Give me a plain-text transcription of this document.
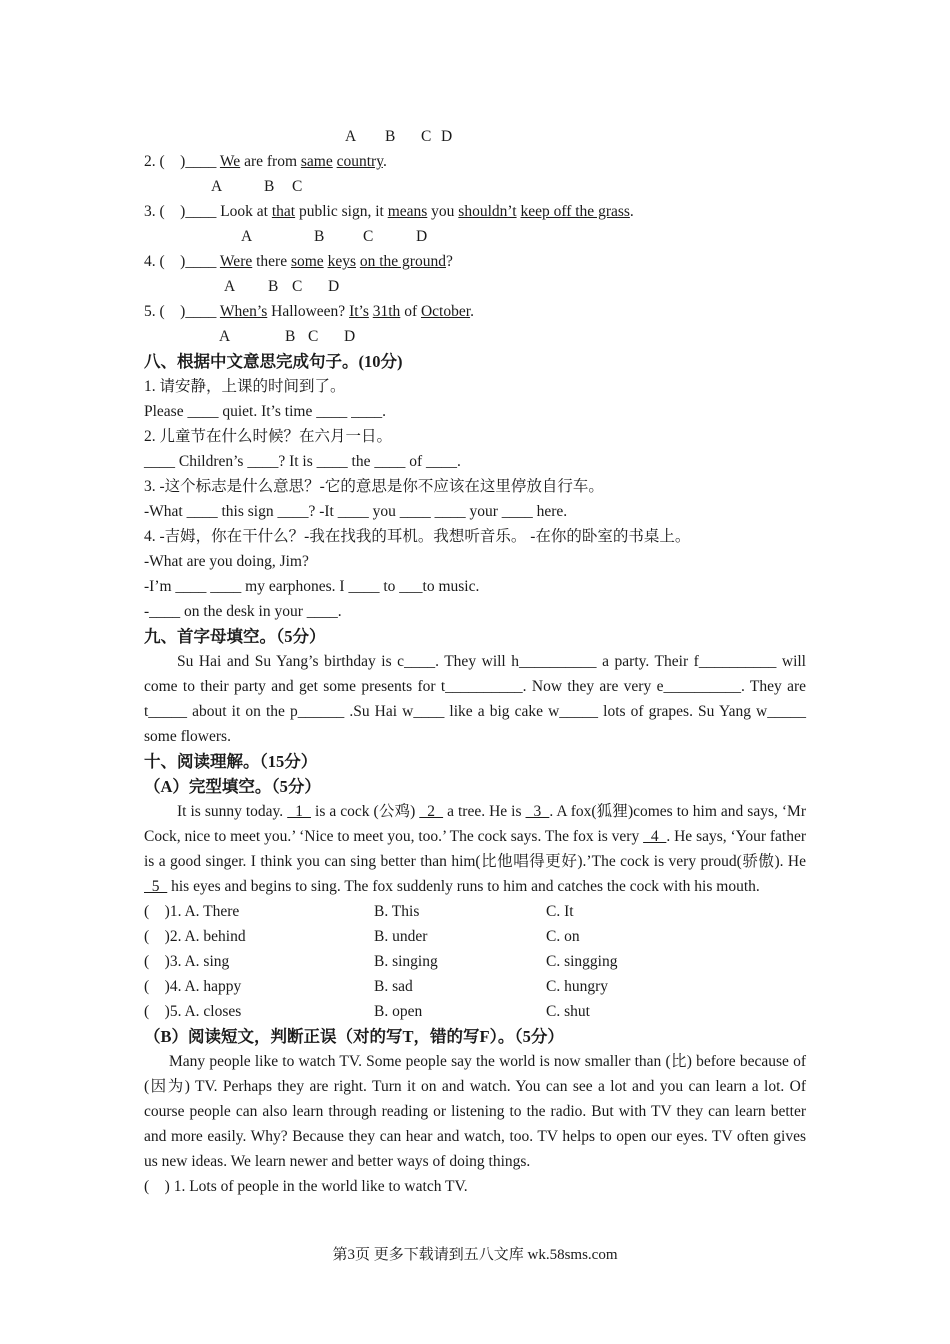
A B C D
2. (    )____ We are from same country.
A	B C
3. (    )____ Look at that public sign, it means you shouldn’t keep off the grass.
A	B C	D
4. (    )____ Were there some keys on the ground?
A B C D
5. (    )____ When’s Halloween? It’s 31th of October.
A	B C D
八、根据中文意思完成句子。(10分)
1. 请安静，上课的时间到了。
Please ____ quiet. It’s time ____ ____.
2. 儿童节在什么时候？在六月一日。
____ Children’s ____? It is ____ the ____ of ____.
3. -这个标志是什么意思？-它的意思是你不应该在这里停放自行车。
-What ____ this sign ____? -It ____ you ____ ____ your ____ here.
4. -吉姆，你在干什么？-我在找我的耳机。我想听音乐。 -在你的卧室的书桌上。
-What are you doing, Jim?
-I’m ____ ____ my earphones. I ____ to ___to music.
-____ on the desk in your ____.
九、首字母填空。（5分）
Su Hai and Su Yang’s birthday is c____. They will h__________ a party. Their f__________ will come to their party and get some presents for t__________. Now they are very e__________. They are t_____ about it on the p______ .Su Hai w____ like a big cake w_____ lots of grapes. Su Yang w_____ some flowers.
十、阅读理解。（15分）
（A）完型填空。（5分）
It is sunny today.   1   is a cock (公鸡)   2   a tree. He is   3  . A fox(狐狸)comes to him and says, ‘Mr Cock, nice to meet you.’ ‘Nice to meet you, too.’ The cock says. The fox is very   4  . He says, ‘Your father is a good singer. I think you can sing better than him(比他唱得更好).’The cock is very proud(骄傲). He   5   his eyes and begins to sing. The fox suddenly runs to him and catches the cock with his mouth.
(    )1. A. There	B. This	C. It
(    )2. A. behind	B. under	C. on
(    )3. A. sing	B. singing	C. singging
(    )4. A. happy	B. sad	C. hungry
(    )5. A. closes	B. open	C. shut
（B）阅读短文，判断正误（对的写T，错的写F）。（5分）
Many people like to watch TV. Some people say the world is now smaller than (比) before because of (因为) TV. Perhaps they are right. Turn it on and watch. You can see a lot and you can learn a lot. Of course people can also learn through reading or listening to the radio. But with TV they can learn better and more easily. Why? Because they can hear and watch, too. TV helps to open our eyes. TV often gives us new ideas. We learn newer and better ways of doing things.
(    ) 1. Lots of people in the world like to watch TV.
第3页 更多下载请到五八文库 wk.58sms.com
